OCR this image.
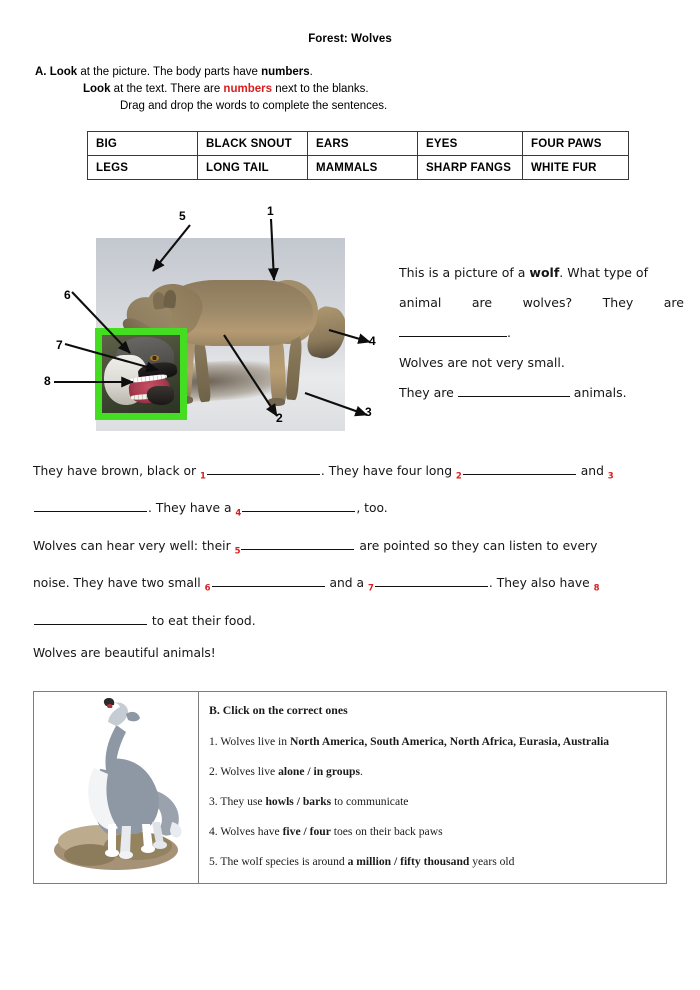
Forest: Wolves
A. Look at the picture. The body parts have numbers.
Look at the text. There are numbers next to the blanks.
Drag and drop the words to complete the sentences.
BIG	BLACK SNOUT	EARS	EYES	FOUR PAWS
LEGS	LONG TAIL	MAMMALS	SHARP FANGS	WHITE FUR
1
2	3
4
5
6
7
8

This is a picture of a wolf. What type of

animal are wolves? They are

.

Wolves are not very small.

They are	animals.

They have brown, black or $_1$	. They have four long $_2$	and $_3$

. They have a $_4$	, too.

Wolves can hear very well: their $_5$	are pointed so they can listen to every

noise. They have two small $_6$	and a $_7$	. They also have $_8$

to eat their food.

Wolves are beautiful animals!

B. Click on the correct ones
1. Wolves live in North America, South America, North Africa, Eurasia, Australia
2. Wolves live alone / in groups.
3. They use howls / barks to communicate
4. Wolves have five / four toes on their back paws
5. The wolf species is around a million / fifty thousand years old
